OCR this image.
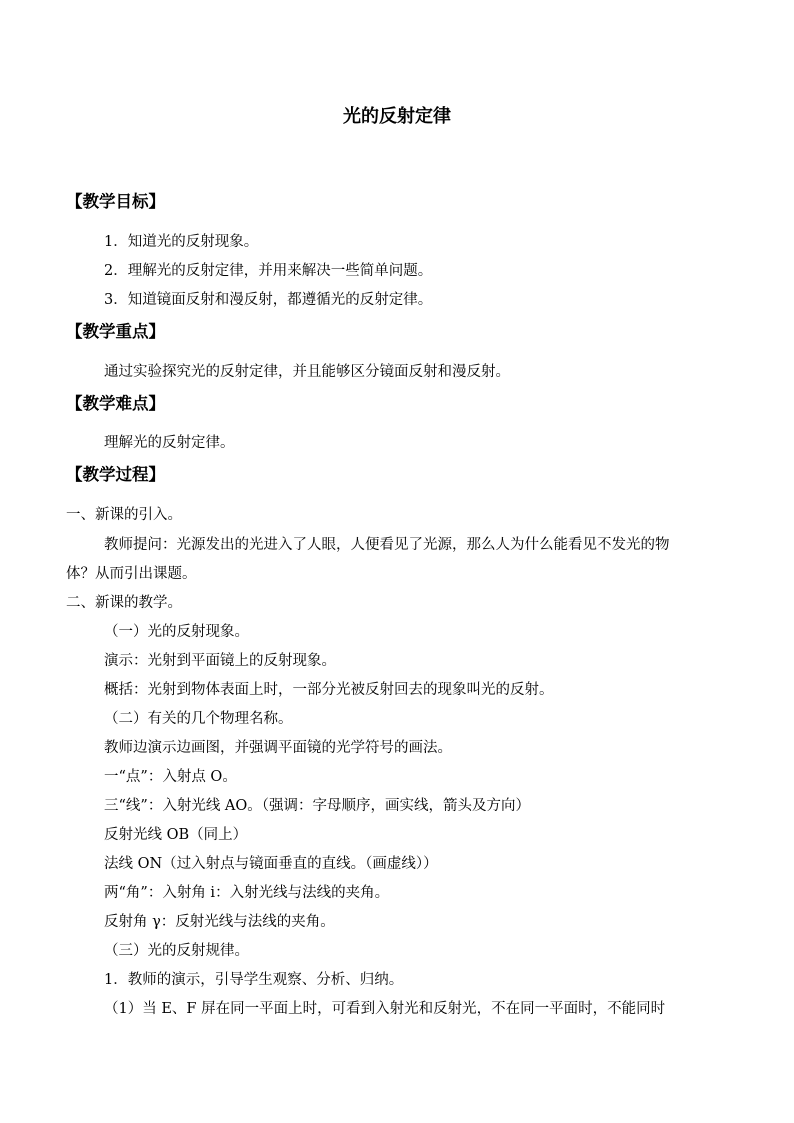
光的反射定律
【教学目标】
1．知道光的反射现象。
2．理解光的反射定律，并用来解决一些简单问题。
3．知道镜面反射和漫反射，都遵循光的反射定律。
【教学重点】
通过实验探究光的反射定律，并且能够区分镜面反射和漫反射。
【教学难点】
理解光的反射定律。
【教学过程】
一、新课的引入。
教师提问：光源发出的光进入了人眼，人便看见了光源，那么人为什么能看见不发光的物
体？从而引出课题。
二、新课的教学。
（一）光的反射现象。
演示：光射到平面镜上的反射现象。
概括：光射到物体表面上时，一部分光被反射回去的现象叫光的反射。
（二）有关的几个物理名称。
教师边演示边画图，并强调平面镜的光学符号的画法。
一“点”：入射点 O。
三“线”：入射光线 AO。（强调：字母顺序，画实线，箭头及方向）
反射光线 OB（同上）
法线 ON（过入射点与镜面垂直的直线。（画虚线））
两“角”：入射角 i：入射光线与法线的夹角。
反射角 γ：反射光线与法线的夹角。
（三）光的反射规律。
1．教师的演示，引导学生观察、分析、归纳。
（1）当 E、F 屏在同一平面上时，可看到入射光和反射光，不在同一平面时，不能同时
